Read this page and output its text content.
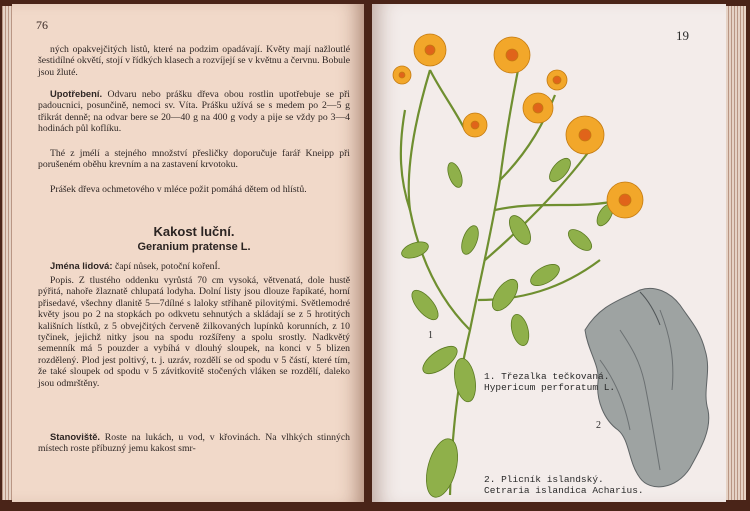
76

ných opakvejčitých listů, které na podzim opadávají. Květy mají nažloutlé šestidílné okvětí, stojí v řídkých klasech a rozvíjejí se v květnu a červnu. Bobule jsou žluté.

Upotřebení. Odvaru nebo prášku dřeva obou rostlin upotřebuje se při padoucnici, posunčině, nemoci sv. Víta. Prášku užívá se s medem po 2—5 g třikrát denně; na odvar bere se 20—40 g na 400 g vody a pije se vždy po 3—4 hodinách půl koflíku.

Thé z jmélí a stejného množství přesličky doporučuje farář Kneipp při porušeném oběhu krevním a na zastavení krvotoku.

Prášek dřeva ochmetového v mléce požit pomáhá dětem od hlístů.

Kakost luční.
Geranium pratense L.

Jména lidová: čapí nůsek, potoční kořenÍ.

Popis. Z tlustého oddenku vyrůstá 70 cm vysoká, větvenatá, dole hustě pýřitá, nahoře žlaznatě chlupatá lodyha. Dolní listy jsou dlouze řapíkaté, horní přisedavé, všechny dlanitě 5—7dílné s laloky stříhaně pilovitými. Světlemodré květy jsou po 2 na stopkách po odkvetu sehnutých a skládají se z 5 hrotitých kališních lístků, z 5 obvejčitých červeně žilkovaných lupínků korunních, z 10 tyčinek, jejichž nitky jsou na spodu rozšířeny a spolu srostly. Nadkvětý semenník má 5 pouzder a vybíhá v dlouhý sloupek, na konci v 5 blizen rozdělený. Plod jest poltivý, t. j. uzráv, rozdělí se od spodu v 5 částí, které tím, že také sloupek od spodu v 5 závitkovitě stočených vláken se rozdělí, daleko jsou odmrštěny.

Stanoviště. Roste na lukách, u vod, v křovinách. Na vlhkých stinných místech roste příbuzný jemu kakost smr-

19
1
2
1. Třezalka tečkovaná.
Hypericum perforatum L.
2. Plicník islandský.
Cetraria islandica Acharius.
